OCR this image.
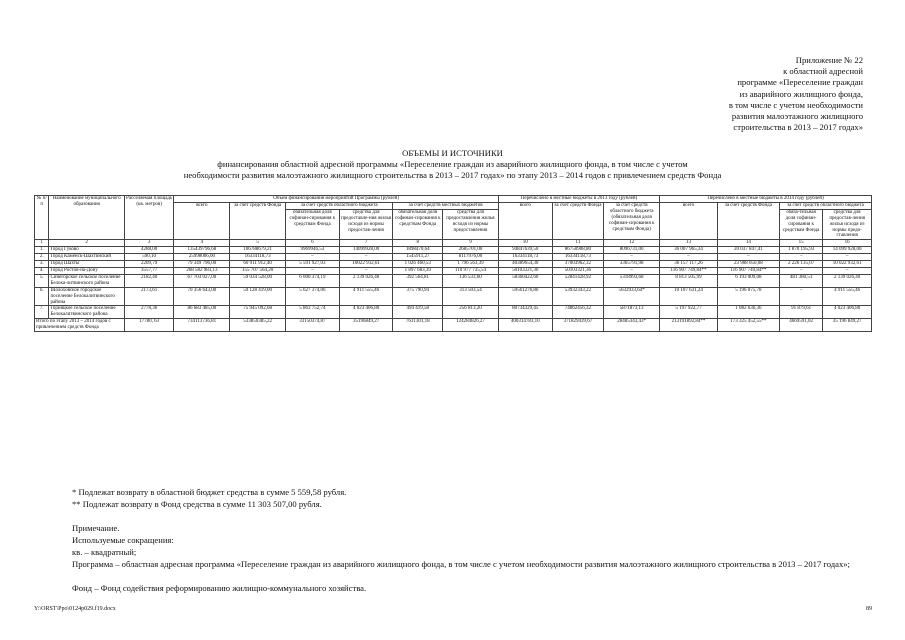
Приложение № 22
к областной адресной
программе «Переселение граждан
из аварийного жилищного фонда,
в том числе с учетом необходимости
развития малоэтажного жилищного
строительства в 2013 – 2017 годах»
ОБЪЕМЫ И ИСТОЧНИКИ
финансирования областной адресной программы «Переселение граждан из аварийного жилищного фонда, в том числе с учетом
необходимости развития малоэтажного жилищного строительства в 2013 – 2017 годах» по этапу 2013 – 2014 годов с привлечением средств Фонда
№ п/п	Наименование муниципального образования	Расселяемая площадь (кв. метров)	Объем финансирования мероприятий Программы (рублей)						Перечислено в местные бюджеты в 2013 году (рублей)			Перечислено в местные бюджеты в 2014 году (рублей)			
			всего	за счет средств Фонда	за счет средств областного бюджета		за счет средств местных бюджетов		всего	за счет средств Фонда	за счет средств областного бюджета (обязательная доля софинан-сирования к средствам Фонда)	всего	за счет средств Фонда	за счет средств областного бюджета	
					обязательная доля софинан-сирования к средствам Фонда	средства для предоставле-ния жилья исходя из нормы предостав-ления	обязательная доля софинан-сирования к средствам Фонда	средства для предоставления жилья исходя из нормы предоставления						обяза-тельная доля софинан-сирования к средствам Фонда	средства для предостав-ления жилья исходя из нормы предо-ставления
1	2	3	4	5	6	7	8	9	10	11	12	13	14	15	16
1.	Город Гуково	4288,00	135439796,68	106788679,21	9969946,53	14099928,00	1898470,64	2685701,00	94847639,50	86750908,80	8096731,00	36 007 965,34	20 037 847,41	1 870 195,93	14 099 928,00
2.	Город Каменск-Шахтинский	590,10	25998006,00	16334118,73	–	–	1545911,27	8117976,00	16334118,73	16334118,73	–	–	–	–	–
3.	Город Шахты	2209,79	79 349 796,00	60 911 912,40	5 591 927,03	10022 932,61	1 026 460,53	1 796 563,39	40389654,30	37003962,32	3365791,98	36 157 117,26	23 908 050,08	2 226 135,07	10 022 932,61
4.	Город Ростов-на-Дону	3557,77	268 582 983,13	155 707 564,20	–	–	1 897 683,39	110 977 735,54	50103321,36	50103321,36	–	116 907 749,84**	116 907 749,84**	–	–
5.	Синегорское сельское поселение Белока-литвинского района	2182,40	67 703 027,00	59 034 528,00	6 000 374,19	2 139 026,40	392 564,81	136 533,60	58360422,60	52841428,92	5318993,68	8 813 505,99	6 193 009,08	481 380,51	2 139 026,40
6.	Шолоховское городское поселение Белокалитвинского района	2173,61	70 356 643,00	59 128 419,00	5 627 374,06	4 911 555,46	375 790,94	313 503,54	59561276,86	53932343,22	5632933,64*	10 107 631,24	5 196 075,78	–	4 911 555,46
7.	Горняцкое сельское поселение Белокалитвинского района	2778,36	86 683 485,00	75 945 092,68	5 863 752,74	4 023 406,80	494 419,58	256 813,20	80734329,45	74862456,32	5871873,13	5 197 922,77	1 082 636,36	91 879,61	4 023 406,80
Итого по этапу 2013 – 2014 годов с привлечением средств Фонда		17780, 63	734113736,81	533850385,22	33150374,87	35196849,27	7631301,18	124284826,27	400314783,10	371829439,67	28485343,43*	213191892,84**	173 325 452,55**	4669591,02	35 196 849,27
* Подлежат возврату в областной бюджет средства в сумме 5 559,58 рубля.
** Подлежат возврату в Фонд средства в сумме 11 303 507,00 рубля.
Примечание.
Используемые сокращения:
кв. – квадратный;
Программа – областная адресная программа «Переселение граждан из аварийного жилищного фонда, в том числе с учетом необходимости развития малоэтажного жилищного строительства в 2013 – 2017 годах»;
Фонд – Фонд содействия реформированию жилищно-коммунального хозяйства.
Y:\ORST\Ppo\0124p029.f19.docx	89
